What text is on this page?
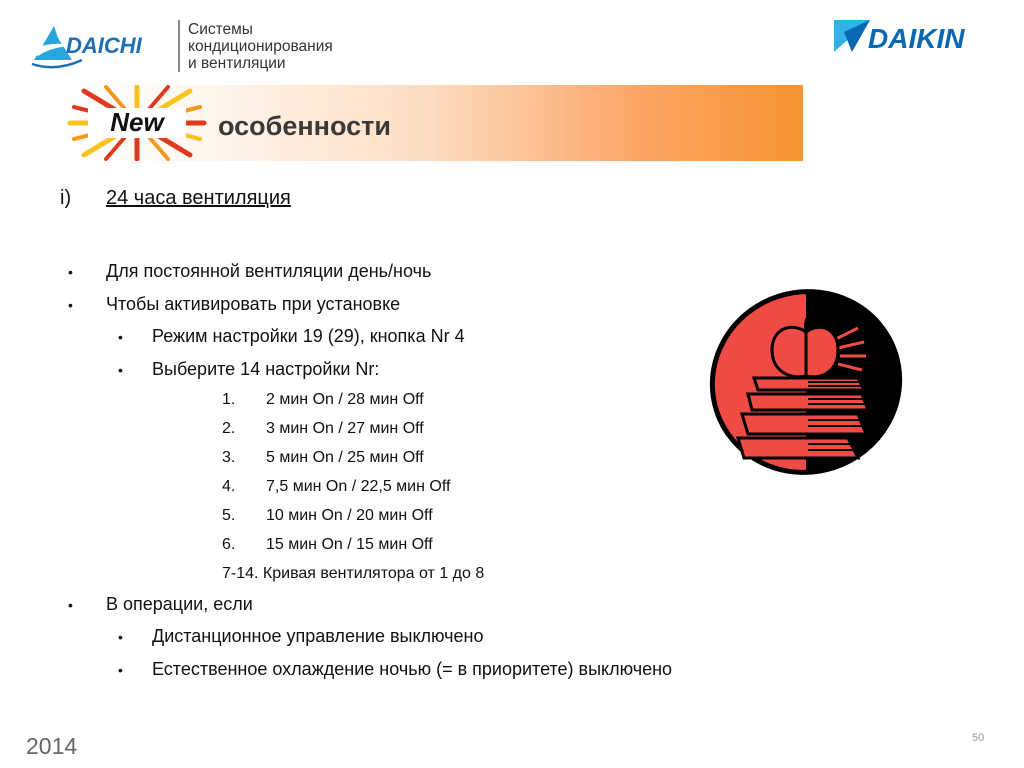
DAICHI
Системы
кондиционирования
и вентиляции
DAIKIN
New особенности
i) 24 часа вентиляция
• Для постоянной вентиляции день/ночь
• Чтобы активировать при установке
• Режим настройки 19 (29), кнопка Nr 4
• Выберите 14 настройки Nr:
1. 2 мин On / 28 мин Off
2. 3 мин On / 27 мин Off
3. 5 мин On / 25 мин Off
4. 7,5 мин On / 22,5 мин Off
5. 10 мин On / 20 мин Off
6. 15 мин On / 15 мин Off
7-14. Кривая вентилятора от 1 до 8
• В операции, если
• Дистанционное управление выключено
• Естественное охлаждение ночью (= в приоритете) выключено
2014	50
